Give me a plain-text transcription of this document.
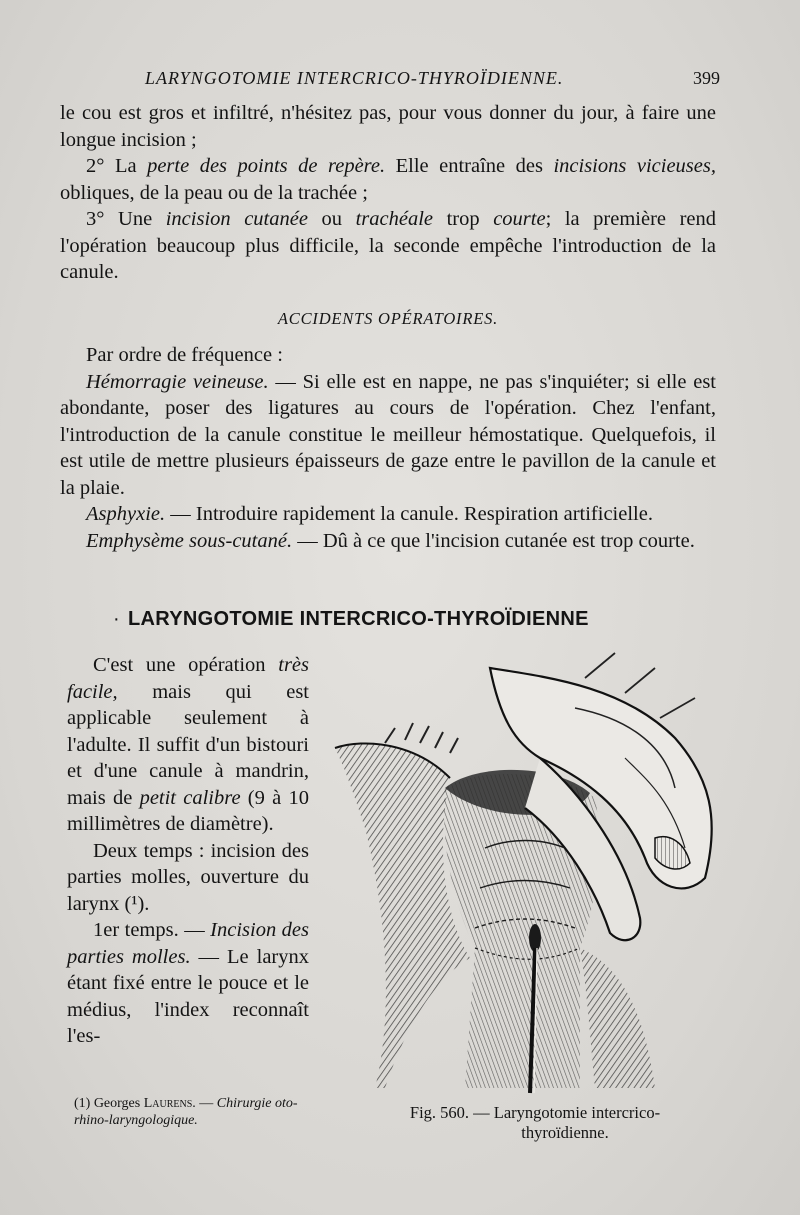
LARYNGOTOMIE INTERCRICO-THYROÏDIENNE.	399

le cou est gros et infiltré, n'hésitez pas, pour vous donner du jour, à faire une longue incision ;

2° La perte des points de repère. Elle entraîne des incisions vicieuses, obliques, de la peau ou de la trachée ;

3° Une incision cutanée ou trachéale trop courte; la première rend l'opération beaucoup plus difficile, la seconde empêche l'introduction de la canule.

ACCIDENTS OPÉRATOIRES.

Par ordre de fréquence :

Hémorragie veineuse. — Si elle est en nappe, ne pas s'inquiéter; si elle est abondante, poser des ligatures au cours de l'opération. Chez l'enfant, l'introduction de la canule constitue le meilleur hémostatique. Quelquefois, il est utile de mettre plusieurs épaisseurs de gaze entre le pavillon de la canule et la plaie.

Asphyxie. — Introduire rapidement la canule. Respiration artificielle.

Emphysème sous-cutané. — Dû à ce que l'incision cutanée est trop courte.

· LARYNGOTOMIE INTERCRICO-THYROÏDIENNE

C'est une opération très facile, mais qui est applicable seulement à l'adulte. Il suffit d'un bistouri et d'une canule à mandrin, mais de petit calibre (9 à 10 millimètres de diamètre).

Deux temps : incision des parties molles, ouverture du larynx (¹).

1er temps. — Incision des parties molles. — Le larynx étant fixé entre le pouce et le médius, l'index reconnaît l'es-

Fig. 560. — Laryngotomie intercrico-
thyroïdienne.
(1) Georges Laurens. — Chirurgie oto-rhino-laryngologique.
